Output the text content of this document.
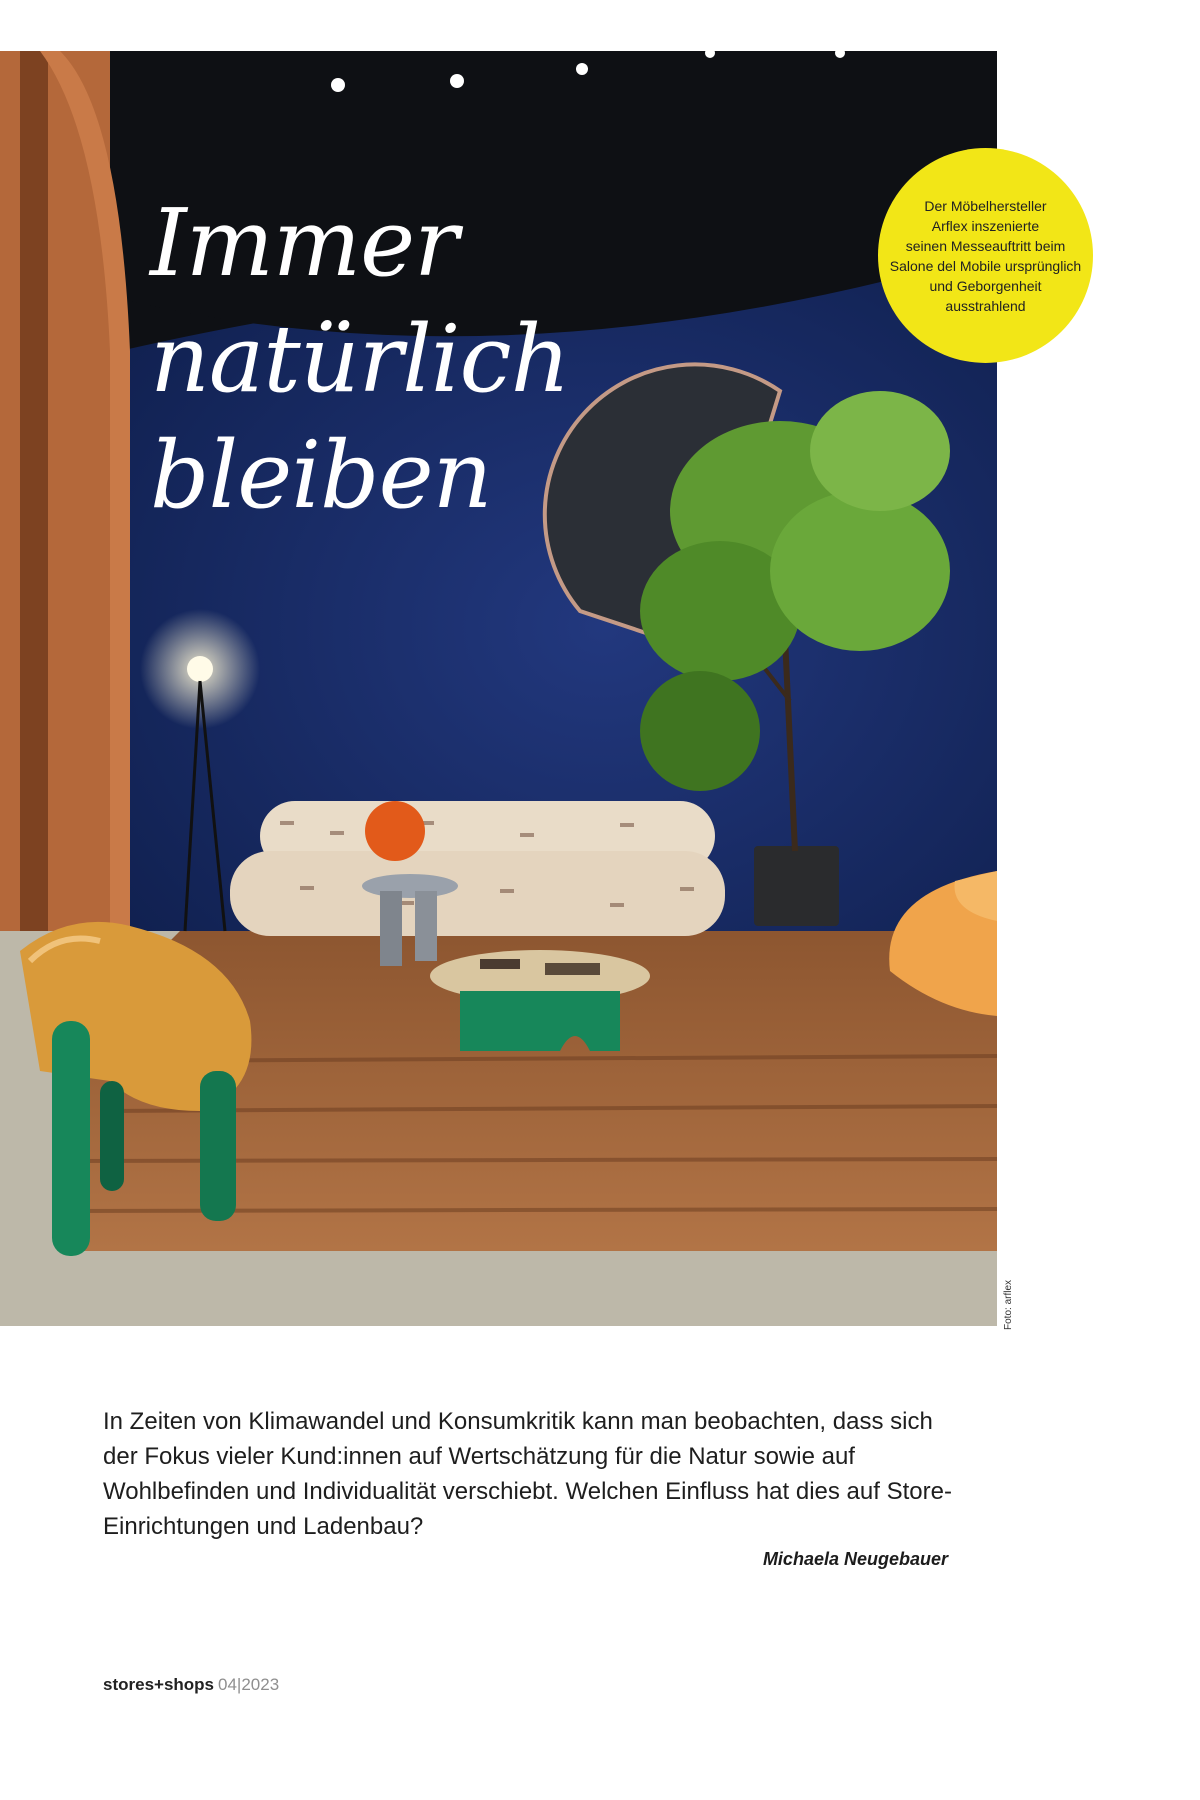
Immer
natürlich
bleiben
Der Möbelhersteller
Arflex inszenierte
seinen Messeauftritt beim
Salone del Mobile ursprünglich
und Geborgenheit
ausstrahlend
Foto: arflex

In Zeiten von Klimawandel und Konsumkritik kann man beobachten, dass sich der Fokus vieler Kund:innen auf Wertschätzung für die Natur sowie auf Wohlbefinden und Individualität verschiebt. Welchen Einfluss hat dies auf Store-Einrichtungen und Ladenbau?

Michaela Neugebauer
stores+shops 04|2023
